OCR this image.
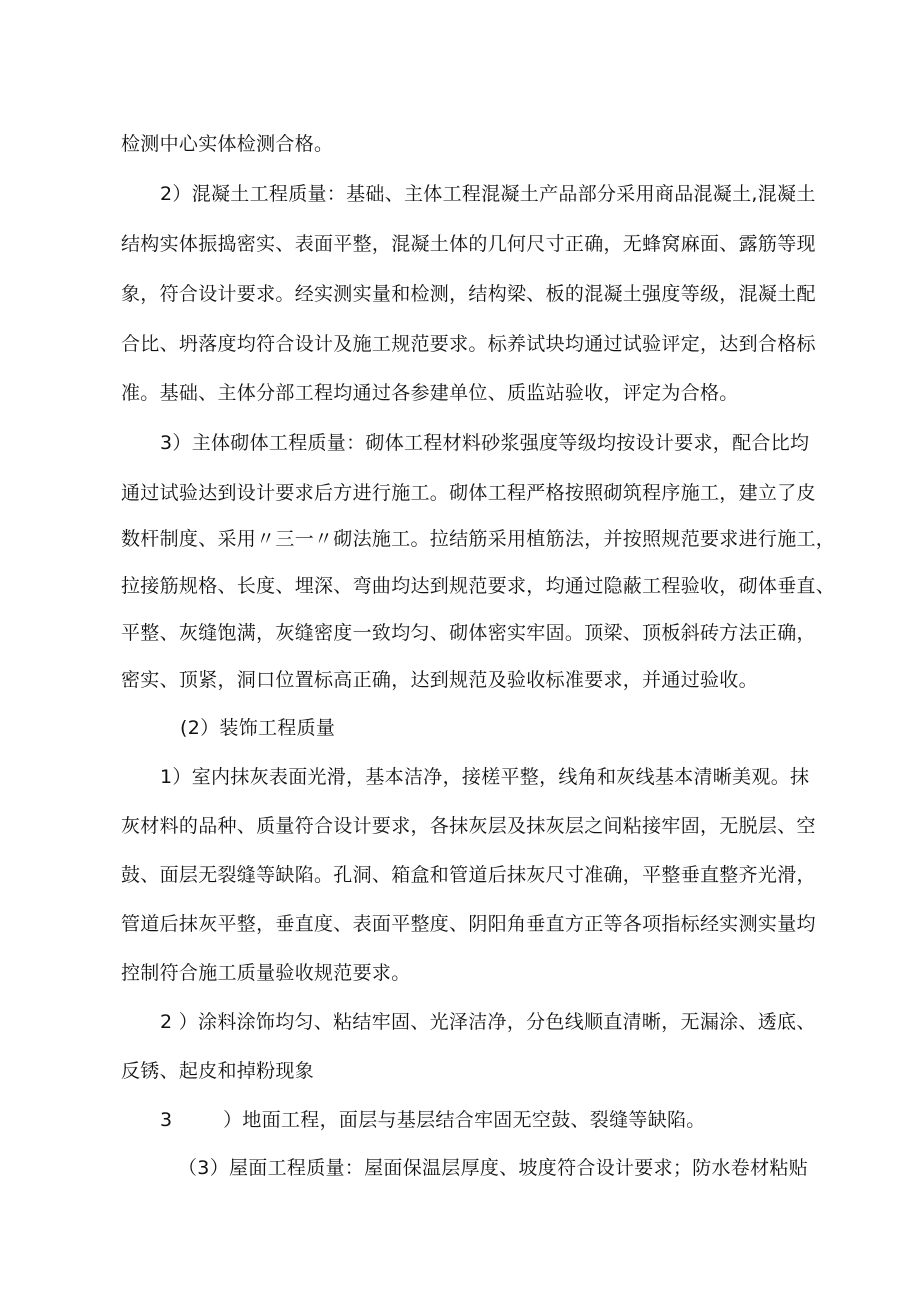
检测中心实体检测合格。
2）混凝土工程质量：基础、主体工程混凝土产品部分采用商品混凝土,混凝土
结构实体振捣密实、表面平整，混凝土体的几何尺寸正确，无蜂窝麻面、露筋等现
象，符合设计要求。经实测实量和检测，结构梁、板的混凝土强度等级，混凝土配
合比、坍落度均符合设计及施工规范要求。标养试块均通过试验评定，达到合格标
准。基础、主体分部工程均通过各参建单位、质监站验收，评定为合格。
3）主体砌体工程质量：砌体工程材料砂浆强度等级均按设计要求，配合比均
通过试验达到设计要求后方进行施工。砌体工程严格按照砌筑程序施工，建立了皮
数杆制度、采用〃三一〃砌法施工。拉结筋采用植筋法，并按照规范要求进行施工，
拉接筋规格、长度、埋深、弯曲均达到规范要求，均通过隐蔽工程验收，砌体垂直、
平整、灰缝饱满，灰缝密度一致均匀、砌体密实牢固。顶梁、顶板斜砖方法正确，
密实、顶紧，洞口位置标高正确，达到规范及验收标准要求，并通过验收。
(2）装饰工程质量
1）室内抹灰表面光滑，基本洁净，接槎平整，线角和灰线基本清晰美观。抹
灰材料的品种、质量符合设计要求，各抹灰层及抹灰层之间粘接牢固，无脱层、空
鼓、面层无裂缝等缺陷。孔洞、箱盒和管道后抹灰尺寸准确，平整垂直整齐光滑，
管道后抹灰平整，垂直度、表面平整度、阴阳角垂直方正等各项指标经实测实量均
控制符合施工质量验收规范要求。
2 ）涂料涂饰均匀、粘结牢固、光泽洁净，分色线顺直清晰，无漏涂、透底、
反锈、起皮和掉粉现象
3        ）地面工程，面层与基层结合牢固无空鼓、裂缝等缺陷。
（3）屋面工程质量：屋面保温层厚度、坡度符合设计要求；防水卷材粘贴
